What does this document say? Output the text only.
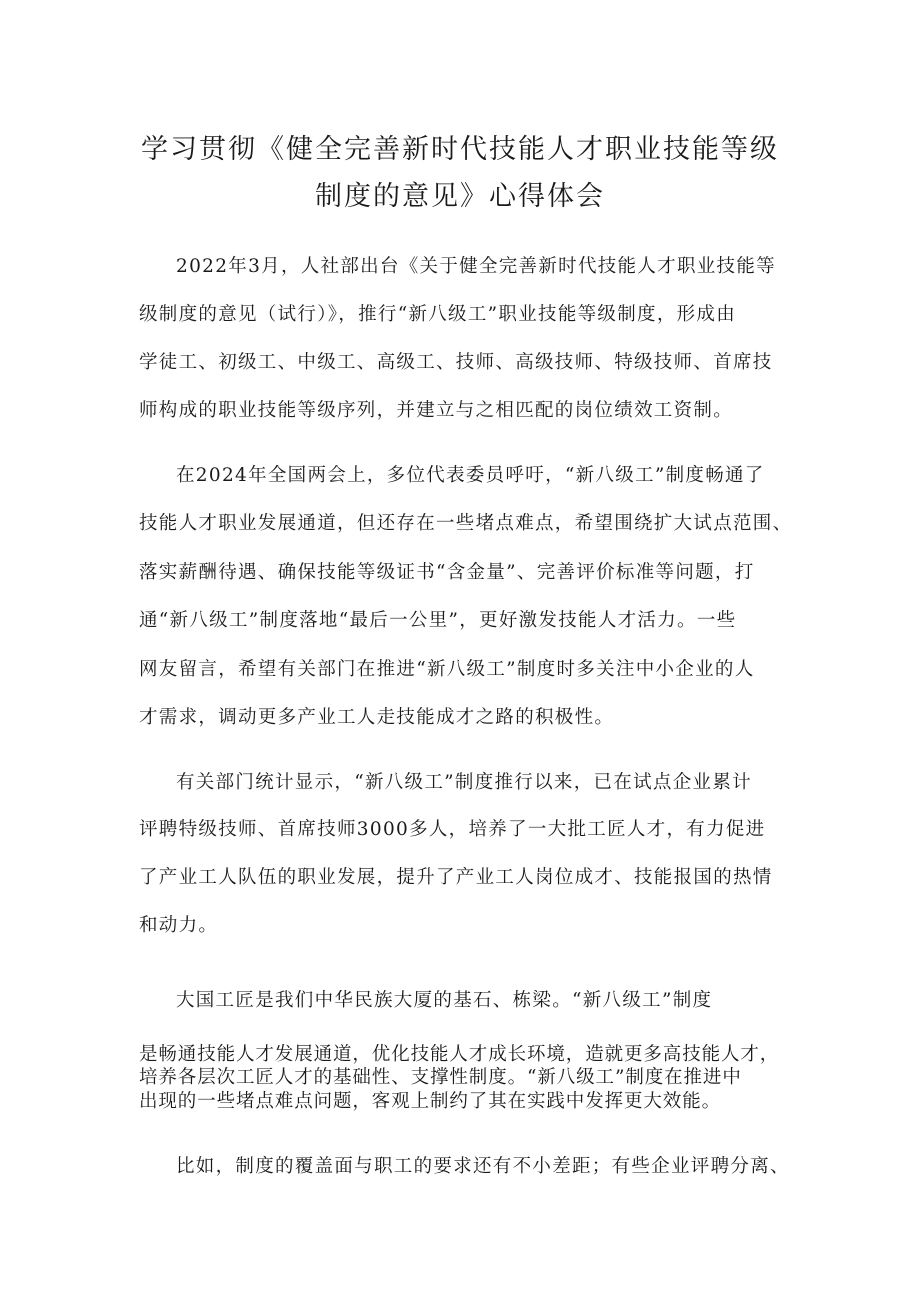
学习贯彻《健全完善新时代技能人才职业技能等级
制度的意见》心得体会
2022年3月，人社部出台《关于健全完善新时代技能人才职业技能等
级制度的意见（试行）》，推行“新八级工”职业技能等级制度，形成由
学徒工、初级工、中级工、高级工、技师、高级技师、特级技师、首席技
师构成的职业技能等级序列，并建立与之相匹配的岗位绩效工资制。
在2024年全国两会上，多位代表委员呼吁，“新八级工”制度畅通了
技能人才职业发展通道，但还存在一些堵点难点，希望围绕扩大试点范围、
落实薪酬待遇、确保技能等级证书“含金量”、完善评价标准等问题，打
通“新八级工”制度落地“最后一公里”，更好激发技能人才活力。一些
网友留言，希望有关部门在推进“新八级工”制度时多关注中小企业的人
才需求，调动更多产业工人走技能成才之路的积极性。
有关部门统计显示，“新八级工”制度推行以来，已在试点企业累计
评聘特级技师、首席技师3000多人，培养了一大批工匠人才，有力促进
了产业工人队伍的职业发展，提升了产业工人岗位成才、技能报国的热情
和动力。
大国工匠是我们中华民族大厦的基石、栋梁。“新八级工”制度
是畅通技能人才发展通道，优化技能人才成长环境，造就更多高技能人才，
培养各层次工匠人才的基础性、支撑性制度。“新八级工”制度在推进中
出现的一些堵点难点问题，客观上制约了其在实践中发挥更大效能。
比如，制度的覆盖面与职工的要求还有不小差距；有些企业评聘分离、
